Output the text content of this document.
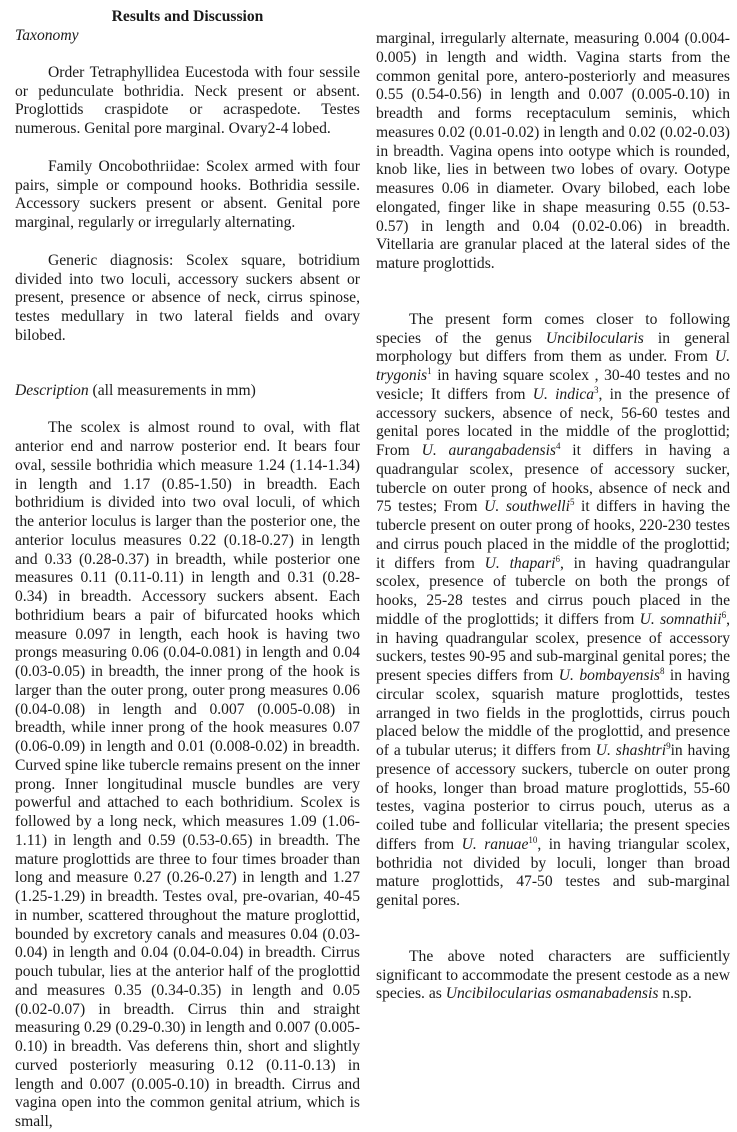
Results and Discussion

Taxonomy

Order Tetraphyllidea Eucestoda with four sessile or pedunculate bothridia. Neck present or absent. Proglottids craspidote or acraspedote. Testes numerous. Genital pore marginal. Ovary2-4 lobed.

Family Oncobothriidae: Scolex armed with four pairs, simple or compound hooks. Bothridia sessile. Accessory suckers present or absent. Genital pore marginal, regularly or irregularly alternating.

Generic diagnosis: Scolex square, botridium divided into two loculi, accessory suckers absent or present, presence or absence of neck, cirrus spinose, testes medullary in two lateral fields and ovary bilobed.

Description (all measurements in mm)

The scolex is almost round to oval, with flat anterior end and narrow posterior end. It bears four oval, sessile bothridia which measure 1.24 (1.14-1.34) in length and 1.17 (0.85-1.50) in breadth. Each bothridium is divided into two oval loculi, of which the anterior loculus is larger than the posterior one, the anterior loculus measures 0.22 (0.18-0.27) in length and 0.33 (0.28-0.37) in breadth, while posterior one measures 0.11 (0.11-0.11) in length and 0.31 (0.28-0.34) in breadth. Accessory suckers absent. Each bothridium bears a pair of bifurcated hooks which measure 0.097 in length, each hook is having two prongs measuring 0.06 (0.04-0.081) in length and 0.04 (0.03-0.05) in breadth, the inner prong of the hook is larger than the outer prong, outer prong measures 0.06 (0.04-0.08) in length and 0.007 (0.005-0.08) in breadth, while inner prong of the hook measures 0.07 (0.06-0.09) in length and 0.01 (0.008-0.02) in breadth. Curved spine like tubercle remains present on the inner prong. Inner longitudinal muscle bundles are very powerful and attached to each bothridium. Scolex is followed by a long neck, which measures 1.09 (1.06-1.11) in length and 0.59 (0.53-0.65) in breadth. The mature proglottids are three to four times broader than long and measure 0.27 (0.26-0.27) in length and 1.27 (1.25-1.29) in breadth. Testes oval, pre-ovarian, 40-45 in number, scattered throughout the mature proglottid, bounded by excretory canals and measures 0.04 (0.03-0.04) in length and 0.04 (0.04-0.04) in breadth. Cirrus pouch tubular, lies at the anterior half of the proglottid and measures 0.35 (0.34-0.35) in length and 0.05 (0.02-0.07) in breadth. Cirrus thin and straight measuring 0.29 (0.29-0.30) in length and 0.007 (0.005-0.10) in breadth. Vas deferens thin, short and slightly curved posteriorly measuring 0.12 (0.11-0.13) in length and 0.007 (0.005-0.10) in breadth. Cirrus and vagina open into the common genital atrium, which is small,

marginal, irregularly alternate, measuring 0.004 (0.004-0.005) in length and width. Vagina starts from the common genital pore, antero-posteriorly and measures 0.55 (0.54-0.56) in length and 0.007 (0.005-0.10) in breadth and forms receptaculum seminis, which measures 0.02 (0.01-0.02) in length and 0.02 (0.02-0.03) in breadth. Vagina opens into ootype which is rounded, knob like, lies in between two lobes of ovary. Ootype measures 0.06 in diameter. Ovary bilobed, each lobe elongated, finger like in shape measuring 0.55 (0.53-0.57) in length and 0.04 (0.02-0.06) in breadth. Vitellaria are granular placed at the lateral sides of the mature proglottids.

The present form comes closer to following species of the genus Uncibilocularis in general morphology but differs from them as under. From U. trygonis$^1$ in having square scolex , 30-40 testes and no vesicle; It differs from U. indica$^3$, in the presence of accessory suckers, absence of neck, 56-60 testes and genital pores located in the middle of the proglottid; From U. aurangabadensis$^4$ it differs in having a quadrangular scolex, presence of accessory sucker, tubercle on outer prong of hooks, absence of neck and 75 testes; From U. southwelli$^5$ it differs in having the tubercle present on outer prong of hooks, 220-230 testes and cirrus pouch placed in the middle of the proglottid; it differs from U. thapari$^6$, in having quadrangular scolex, presence of tubercle on both the prongs of hooks, 25-28 testes and cirrus pouch placed in the middle of the proglottids; it differs from U. somnathii$^6$, in having quadrangular scolex, presence of accessory suckers, testes 90-95 and sub-marginal genital pores; the present species differs from U. bombayensis$^8$ in having circular scolex, squarish mature proglottids, testes arranged in two fields in the proglottids, cirrus pouch placed below the middle of the proglottid, and presence of a tubular uterus; it differs from U. shashtri$^9$in having presence of accessory suckers, tubercle on outer prong of hooks, longer than broad mature proglottids, 55-60 testes, vagina posterior to cirrus pouch, uterus as a coiled tube and follicular vitellaria; the present species differs from U. ranuae$^{10}$, in having triangular scolex, bothridia not divided by loculi, longer than broad mature proglottids, 47-50 testes and sub-marginal genital pores.

The above noted characters are sufficiently significant to accommodate the present cestode as a new species. as Uncibilocularias osmanabadensis n.sp.
